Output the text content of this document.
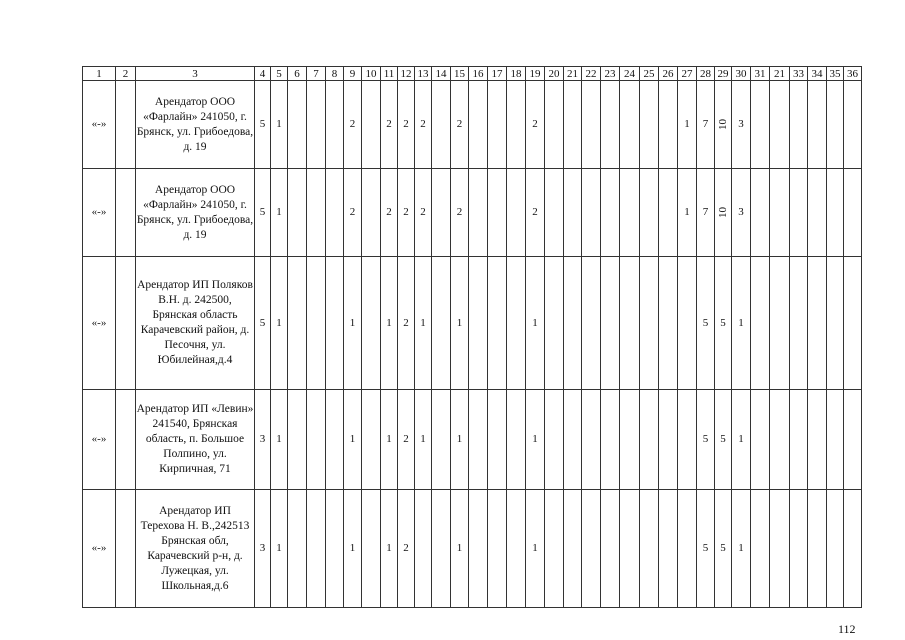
1	2	3	4	5	6	7	8	9	10	11	12	13	14	15	16	17	18	19	20	21	22	23	24	25	26	27	28	29	30	31	21	33	34	35	36
«-»		Арендатор ООО «Фарлайн» 241050, г. Брянск, ул. Грибоедова, д. 19	5	1				2		2	2	2		2				2								1	7	10	3						
«-»		Арендатор ООО «Фарлайн» 241050, г. Брянск, ул. Грибоедова, д. 19	5	1				2		2	2	2		2				2								1	7	10	3						
«-»		Арендатор ИП Поляков В.Н. д. 242500, Брянская область Карачевский район, д. Песочня, ул. Юбилейная,д.4	5	1				1		1	2	1		1				1									5	5	1						
«-»		Арендатор ИП «Левин» 241540, Брянская область, п. Большое Полпино, ул. Кирпичная, 71	3	1				1		1	2	1		1				1									5	5	1						
«-»		Арендатор ИП Терехова Н. В.,242513 Брянская обл, Карачевский р-н, д. Лужецкая, ул. Школьная,д.6	3	1				1		1	2			1				1									5	5	1						
112
